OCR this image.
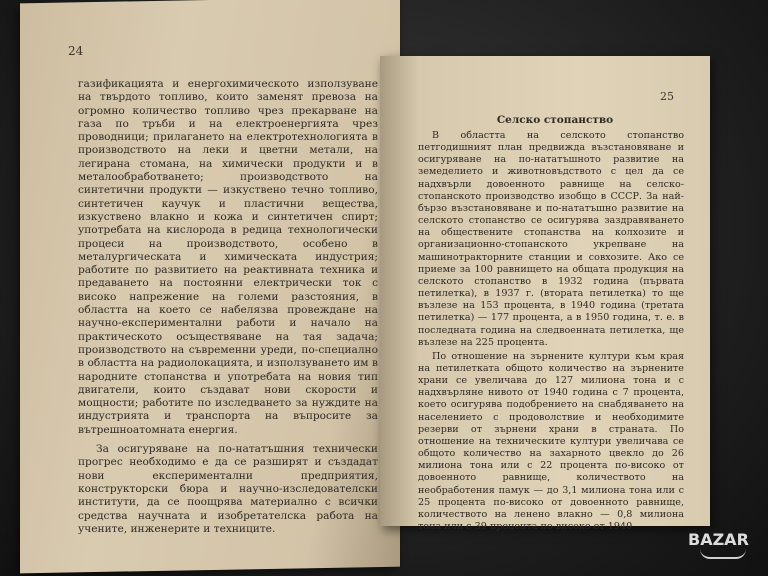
24

газификацията и енергохимическото използуване на твърдото топливо, които заменят превоза на огромно количество топливо чрез прекарване на газа по тръби и на електроенергията чрез проводници; прилагането на електротехнологията в производството на леки и цветни метали, на легирана стомана, на химически продукти и в металообработването; производството на синтетични продукти — изкуствено течно топливо, синтетичен каучук и пластични вещества, изкуствено влакно и кожа и синтетичен спирт; употребата на кислорода в редица технологически процеси на производството, особено в металургическата и химическата индустрия; работите по развитието на реактивната техника и предаването на постоянни електрически ток с високо напрежение на големи разстояния, в областта на което се набелязва провеждане на научно-експериментални работи и начало на практическото осъществяване на тая задача; производството на съвременни уреди, по-специално в областта на радиолокацията, и използуването им в народните стопанства и употребата на новия тип двигатели, които създават нови скорости и мощности; работите по изследването за нуждите на индустрията и транспорта на въпросите за вътрешноатомната енергия.

За осигуряване на по-нататъшния технически прогрес необходимо е да се разширят и създадат нови експериментални предприятия, конструкторски бюра и научно-изследователски институти, да се поощрява материално с всички средства научната и изобретателска работа на учените, инженерите и техниците.

25
Селско стопанство

В областта на селското стопанство петгодишният план предвижда възстановяване и осигуряване на по-нататъшното развитие на земеделието и животновъдството с цел да се надхвърли довоенното равнище на селско-стопанското производство изобщо в СССР. За най-бързо възстановяване и по-нататъшно развитие на селското стопанство се осигурява заздравяването на обществените стопанства на колхозите и организационно-стопанското укрепване на машинотракторните станции и совхозите. Ако се приеме за 100 равнището на общата продукция на селското стопанство в 1932 година (първата петилетка), в 1937 г. (втората петилетка) то ще възлезе на 153 процента, в 1940 година (третата петилетка) — 177 процента, а в 1950 година, т. е. в последната година на следвоенната петилетка, ще възлезе на 225 процента.

По отношение на зърнените култури към края на петилетката общото количество на зърнените храни се увеличава до 127 милиона тона и с надхвърляне нивото от 1940 година с 7 процента, което осигурява подобрението на снабдяването на населението с продоволствие и необходимите резерви от зърнени храни в страната. По отношение на техническите култури увеличава се общото количество на захарното цвекло до 26 милиона тона или с 22 процента по-високо от довоенното равнище, количеството на необработения памук — до 3,1 милиона тона или с 25 процента по-високо от довоенното равнище, количеството на ленено влакно — 0,8 милиона тона или с 39 процента по-високо от 1940

BAZAR
